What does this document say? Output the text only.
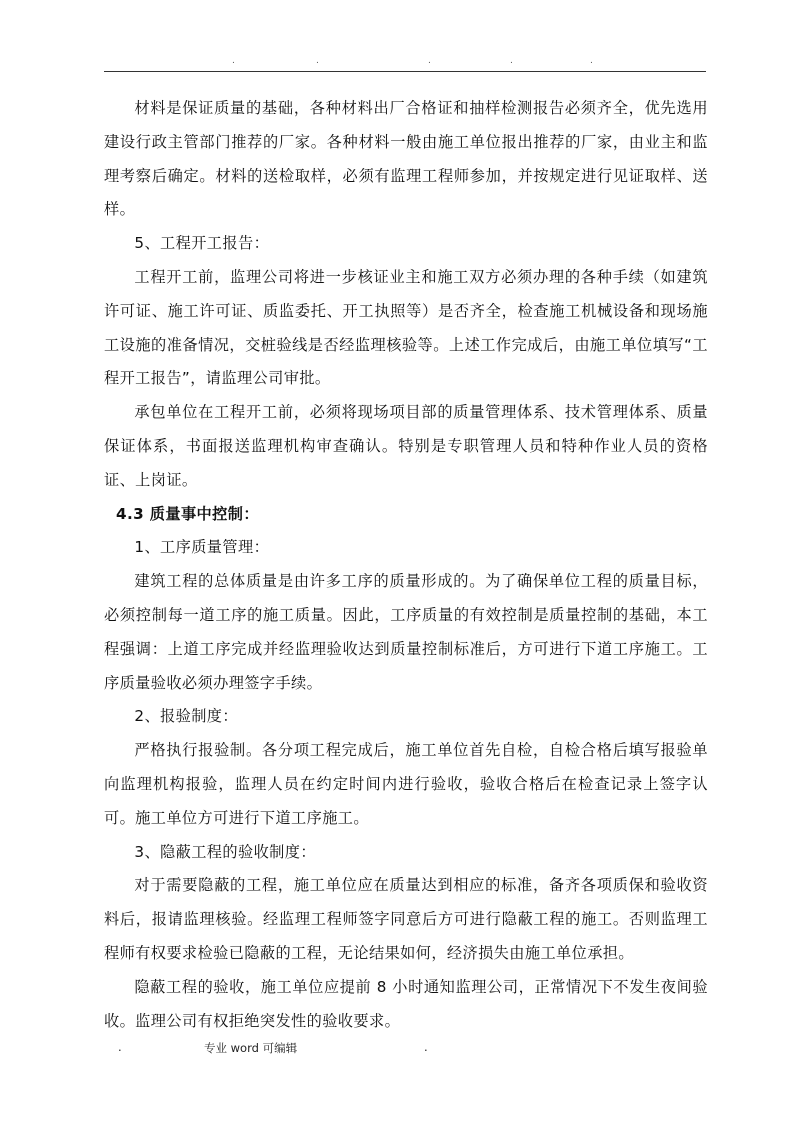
.	.	.	.	.

材料是保证质量的基础，各种材料出厂合格证和抽样检测报告必须齐全，优先选用建设行政主管部门推荐的厂家。各种材料一般由施工单位报出推荐的厂家，由业主和监理考察后确定。材料的送检取样，必须有监理工程师参加，并按规定进行见证取样、送样。

5、工程开工报告：

工程开工前，监理公司将进一步核证业主和施工双方必须办理的各种手续（如建筑许可证、施工许可证、质监委托、开工执照等）是否齐全，检查施工机械设备和现场施工设施的准备情况，交桩验线是否经监理核验等。上述工作完成后，由施工单位填写“工程开工报告”，请监理公司审批。

承包单位在工程开工前，必须将现场项目部的质量管理体系、技术管理体系、质量保证体系，书面报送监理机构审查确认。特别是专职管理人员和特种作业人员的资格证、上岗证。

4.3 质量事中控制：

1、工序质量管理：

建筑工程的总体质量是由许多工序的质量形成的。为了确保单位工程的质量目标，必须控制每一道工序的施工质量。因此，工序质量的有效控制是质量控制的基础，本工程强调：上道工序完成并经监理验收达到质量控制标准后，方可进行下道工序施工。工序质量验收必须办理签字手续。

2、报验制度：

严格执行报验制。各分项工程完成后，施工单位首先自检，自检合格后填写报验单向监理机构报验，监理人员在约定时间内进行验收，验收合格后在检查记录上签字认可。施工单位方可进行下道工序施工。

3、隐蔽工程的验收制度：

对于需要隐蔽的工程，施工单位应在质量达到相应的标准，备齐各项质保和验收资料后，报请监理核验。经监理工程师签字同意后方可进行隐蔽工程的施工。否则监理工程师有权要求检验已隐蔽的工程，无论结果如何，经济损失由施工单位承担。

隐蔽工程的验收，施工单位应提前 8 小时通知监理公司，正常情况下不发生夜间验收。监理公司有权拒绝突发性的验收要求。

.	专业 word 可编辑	.
